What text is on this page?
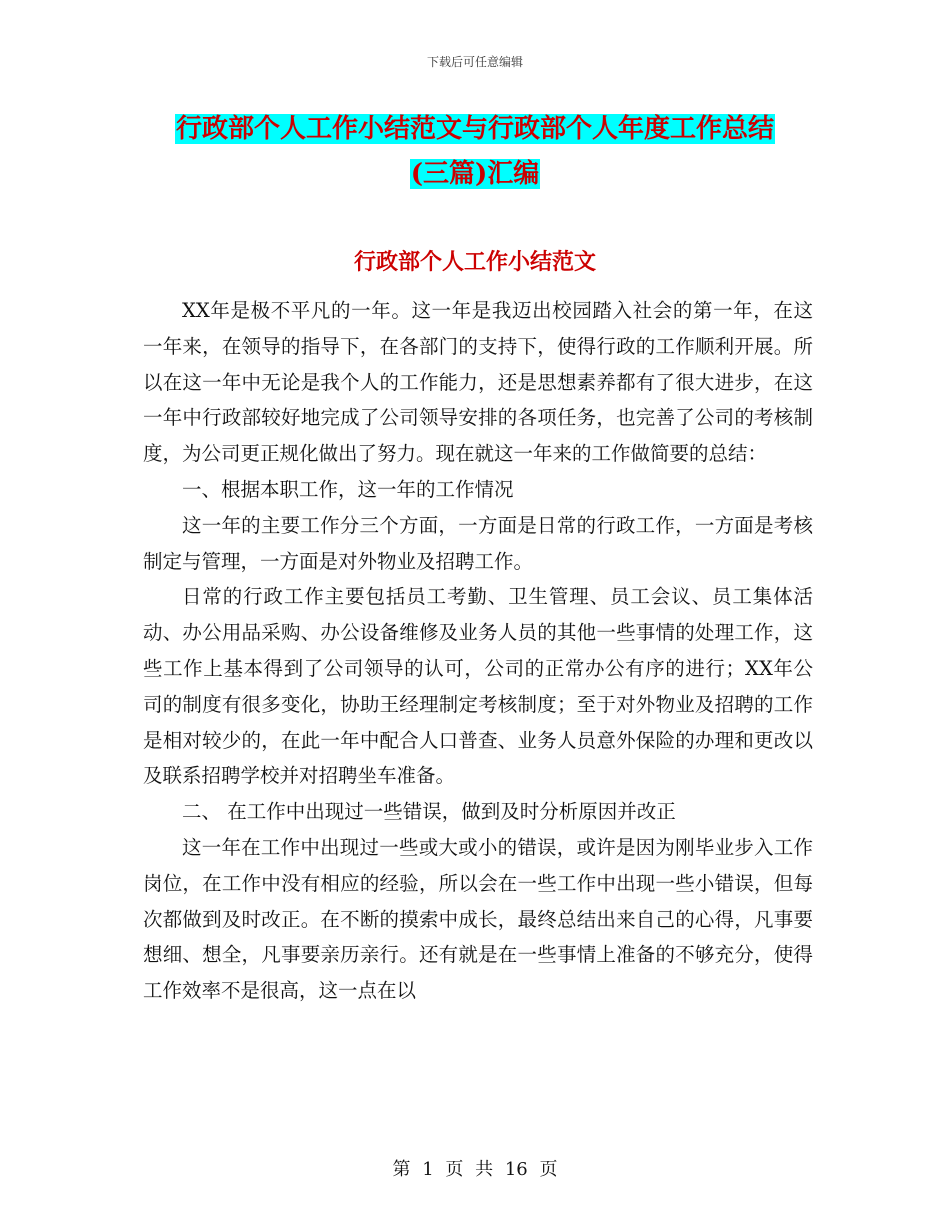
下载后可任意编辑
行政部个人工作小结范文与行政部个人年度工作总结
(三篇)汇编
行政部个人工作小结范文

XX年是极不平凡的一年。这一年是我迈出校园踏入社会的第一年，在这一年来，在领导的指导下，在各部门的支持下，使得行政的工作顺利开展。所以在这一年中无论是我个人的工作能力，还是思想素养都有了很大进步，在这一年中行政部较好地完成了公司领导安排的各项任务，也完善了公司的考核制度，为公司更正规化做出了努力。现在就这一年来的工作做简要的总结：

一、根据本职工作，这一年的工作情况

这一年的主要工作分三个方面，一方面是日常的行政工作，一方面是考核制定与管理，一方面是对外物业及招聘工作。

日常的行政工作主要包括员工考勤、卫生管理、员工会议、员工集体活动、办公用品采购、办公设备维修及业务人员的其他一些事情的处理工作，这些工作上基本得到了公司领导的认可，公司的正常办公有序的进行；XX年公司的制度有很多变化，协助王经理制定考核制度；至于对外物业及招聘的工作是相对较少的，在此一年中配合人口普查、业务人员意外保险的办理和更改以及联系招聘学校并对招聘坐车准备。

二、 在工作中出现过一些错误，做到及时分析原因并改正

这一年在工作中出现过一些或大或小的错误，或许是因为刚毕业步入工作岗位，在工作中没有相应的经验，所以会在一些工作中出现一些小错误，但每次都做到及时改正。在不断的摸索中成长，最终总结出来自己的心得，凡事要想细、想全，凡事要亲历亲行。还有就是在一些事情上准备的不够充分，使得工作效率不是很高，这一点在以

第 1 页 共 16 页
